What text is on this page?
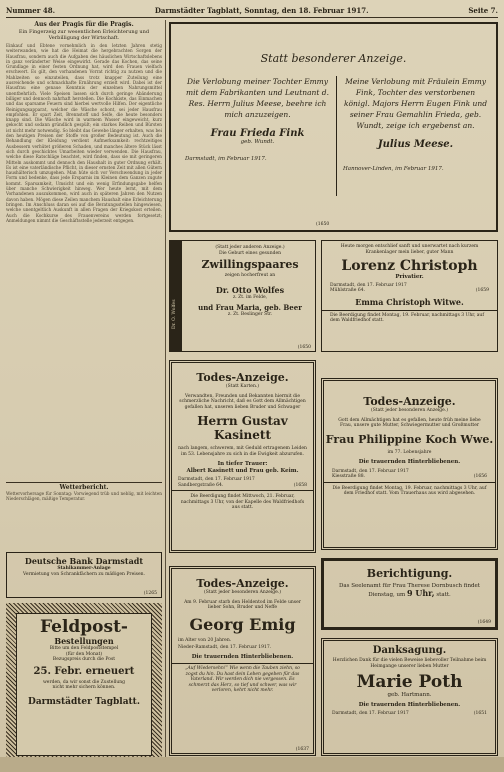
Nummer 48.	Darmstädter Tagblatt, Sonntag, den 18. Februar 1917.	Seite 7.
Aus der Pragis für die Pragis.
Ein Fingerzeig zur wesentlichen Erleichterung und Verbilligung der Wirtschaft.
Einkauf und Ebtene vornehmlich in den letzten Jahren stetig weiterwanden, wie hat die Heimat die hergebrachten Sorgen der Hausfrau, sondern auch die Aufgaben des häuslichen Wirtschaftslebens in ganz veränderter Weise eingewirkt. Gerade das Kochen, das seine Grundlage in einer festen Ordnung hat, wird den Frauen vielfach erschwert. Es gilt, den vorhandenen Vorrat richtig zu nutzen und die Mahlzeiten so einzuteilen, dass trotz knapper Zuteilung eine ausreichende und schmackhafte Ernährung erzielt wird. Dabei ist der Hausfrau eine genaue Kenntnis der einzelnen Nahrungsmittel unentbehrlich. Viele Speisen lassen sich durch geringe Abänderung billiger und dennoch nahrhaft herstellen. Die Kochkiste, das Einmachen und das sparsame Feuern sind hierbei wertvolle Hilfen. Der eigentliche Reinigungsapparat, welcher die Wäsche schont, sei jeder Hausfrau empfohlen. Er spart Zeit, Brennstoff und Seife, die heute besonders knapp sind. Die Wäsche wird in warmem Wasser eingeweicht, kurz gekocht und sodann gründlich gespült; ein starkes Reiben und Bürsten ist nicht mehr notwendig. So bleibt das Gewebe länger erhalten, was bei den heutigen Preisen der Stoffe von großer Bedeutung ist. Auch die Behandlung der Kleidung verdient Aufmerksamkeit: rechtzeitiges Ausbessern verhütet größeren Schaden, und manches ältere Stück lässt sich durch geschicktes Umarbeiten wieder verwenden. Die Hausfrau, welche diese Ratschläge beachtet, wird finden, dass sie mit geringeren Mitteln auskommt und dennoch den Haushalt in guter Ordnung erhält. Es ist eine vaterländische Pflicht, in dieser ernsten Zeit mit allen Gütern haushälterisch umzugehen. Man hüte sich vor Verschwendung in jeder Form und bedenke, dass jede Ersparnis im Kleinen dem Ganzen zugute kommt. Sparsamkeit, Umsicht und ein wenig Erfindungsgabe helfen über manche Schwierigkeit hinweg. Wer heute lernt, mit dem Vorhandenen auszukommen, wird auch in späteren Jahren den Nutzen davon haben. Mögen diese Zeilen manchem Haushalt eine Erleichterung bringen. Im Anschluss daran sei auf die Beratungsstellen hingewiesen, welche unentgeltlich Auskunft in allen Fragen der Kriegskost erteilen. Auch die Kochkurse des Frauenvereins werden fortgesetzt; Anmeldungen nimmt die Geschäftsstelle jederzeit entgegen.
Wetterbericht.
Wettervorhersage für Sonntag: Vorwiegend trüb und neblig, mit leichten Niederschlägen, mäßige Temperatur.
Deutsche Bank Darmstadt
Stahlkammer-Anlage
Vermietung von Schrankfächern zu mäßigen Preisen.
(1265
Feldpost-
Bestellungen
Bitte um den Feldpoststempel
(für den Monat)
Bezugspreis durch die Post
25. Febr. erneuert
werden, da wir sonst die Zustellung
nicht mehr sichern können.
Darmstädter Tagblatt.
Statt besonderer Anzeige.
Die Verlobung meiner Tochter Emmy mit dem Fabrikanten und Leutnant d. Res. Herrn Julius Meese, beehre ich mich anzuzeigen.
Frau Frieda Fink
geb. Wundt.
Darmstadt, im Februar 1917.
Meine Verlobung mit Fräulein Emmy Fink, Tochter des verstorbenen königl. Majors Herrn Eugen Fink und seiner Frau Gemahlin Frieda, geb. Wundt, zeige ich ergebenst an.
Julius Meese.
Hannover-Linden, im Februar 1917.
(1650
Dr. O. Wolfes
(Statt jeder anderen Anzeige.)
Die Geburt eines gesunden
Zwillingspaares
zeigen hocherfreut an
Dr. Otto Wolfes
z. Zt. im Felde,
und Frau Maria, geb. Beer
z. Zt. Beslinger Str.
(1650
Heute morgen entschlief sanft und unerwartet nach kurzem Krankenlager mein lieber, guter Mann
Lorenz Christoph
Privatier.
Darmstadt, den 17. Februar 1917
Mühlstraße 64.	(1659
Emma Christoph Witwe.
Die Beerdigung findet Montag, 19. Februar, nachmittags 3 Uhr, auf dem Waldfriedhof statt.
Todes-Anzeige.
(Statt Karten.)
Verwandten, Freunden und Bekannten hiermit die schmerzliche Nachricht, daß es Gott dem Allmächtigen gefallen hat, unseren lieben Bruder und Schwager
Herrn Gustav Kasinett
nach langem, schwerem, mit Geduld ertragenem Leiden im 53. Lebensjahre zu sich in die Ewigkeit abzurufen.
In tiefer Trauer:
Albert Kasinett und Frau geb. Keim.
Darmstadt, den 17. Februar 1917
Sandbergstraße 64.	(1658
Die Beerdigung findet Mittwoch, 21. Februar, nachmittags 3 Uhr, von der Kapelle des Waldfriedhofs aus statt.
Todes-Anzeige.
(Statt jeder besonderen Anzeige.)
Gott dem Allmächtigen hat es gefallen, heute früh meine liebe Frau, unsere gute Mutter, Schwiegermutter und Großmutter
Frau Philippine Koch Wwe.
im 77. Lebensjahre
Die trauernden Hinterbliebenen.
Darmstadt, den 17. Februar 1917
Kiesstraße 88.	(1656
Die Beerdigung findet Montag, 19. Februar, nachmittags 3 Uhr, auf dem Friedhof statt. Vom Trauerhaus aus wird abgesehen.
Todes-Anzeige.
(Statt jeder besonderen Anzeige.)
Am 9. Februar starb den Heldentod im Felde unser lieber Sohn, Bruder und Neffe
Georg Emig
im Alter von 20 Jahren.
Nieder-Ramstadt, den 17. Februar 1917.
Die trauernden Hinterbliebenen.
„Auf Wiedersehn!“ Wie wenn die Tauben ziehn, so zogst du hin. Du hast dein Leben gegeben für das Vaterland. Wir werden dich nie vergessen. Es schmerzt das Herz, so tief und schwer, was wir verloren, kehrt nicht mehr.
(1637
Berichtigung.
Das Seelenamt für Frau Therese Dornbusch findet Dienstag, um 9 Uhr, statt.
(1649
Danksagung.
Herzlichen Dank für die vielen Beweise liebevoller Teilnahme beim Heimgange unserer lieben Mutter
Marie Poth
geb. Hartmann.
Die trauernden Hinterbliebenen.
Darmstadt, den 17. Februar 1917	(1651
